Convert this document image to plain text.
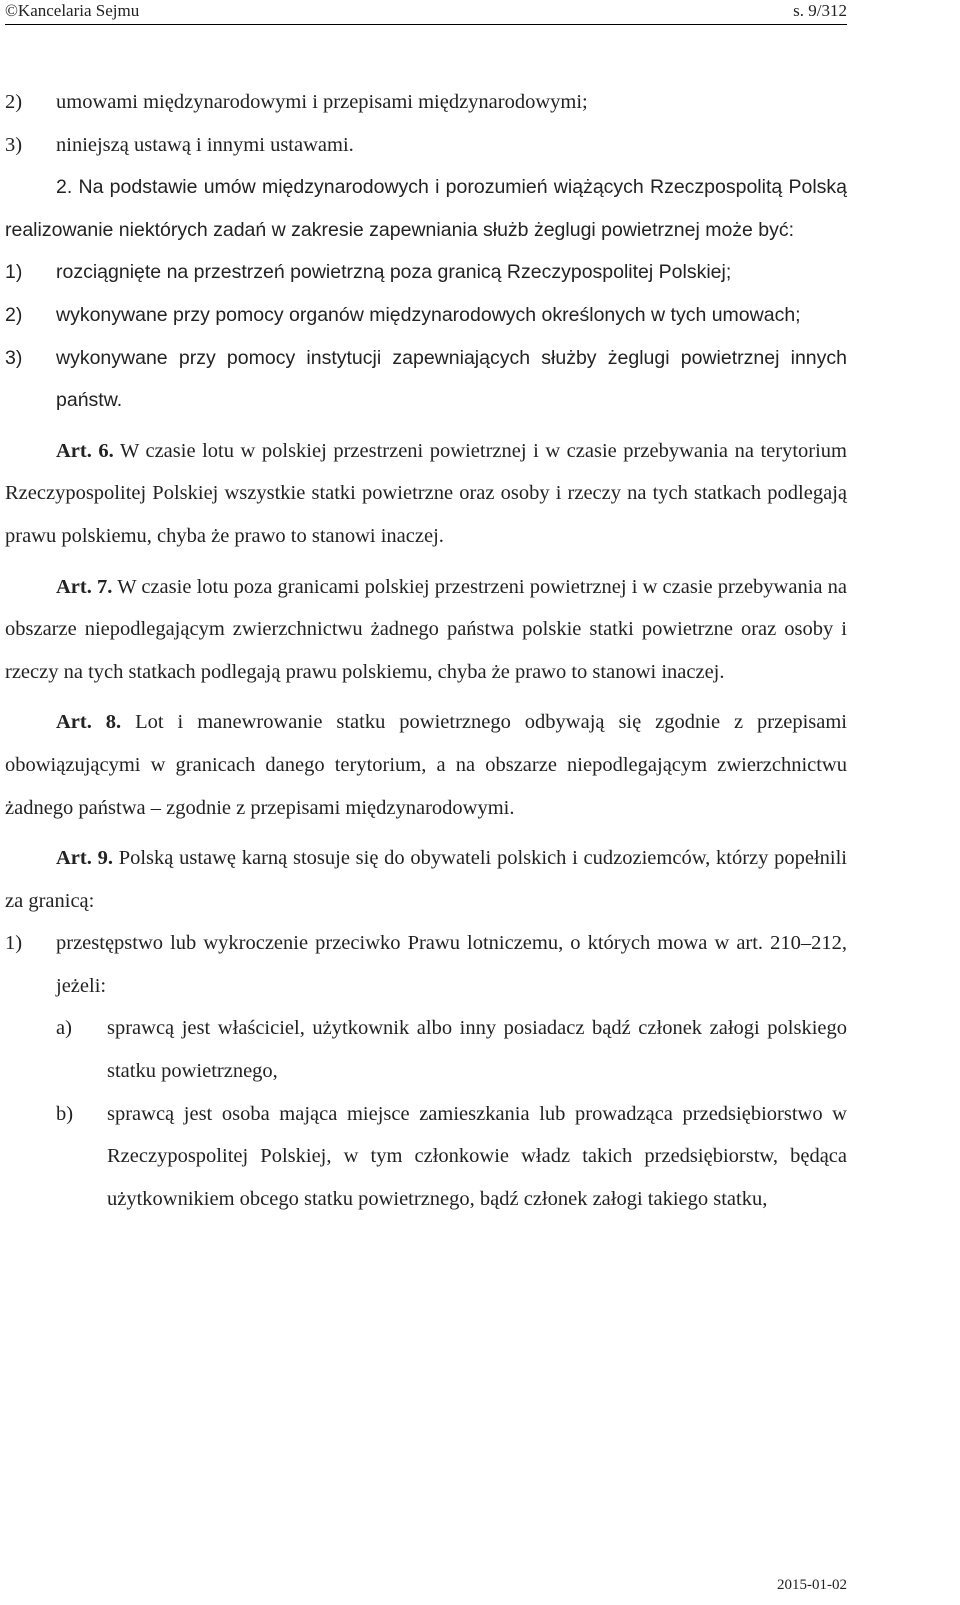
©Kancelaria Sejmu	s. 9/312
2)	umowami międzynarodowymi i przepisami międzynarodowymi;
3)	niniejszą ustawą i innymi ustawami.
2. Na podstawie umów międzynarodowych i porozumień wiążących Rzeczpospolitą Polską realizowanie niektórych zadań w zakresie zapewniania służb żeglugi powietrznej może być:
1)	rozciągnięte na przestrzeń powietrzną poza granicą Rzeczypospolitej Polskiej;
2)	wykonywane przy pomocy organów międzynarodowych określonych w tych umowach;
3)	wykonywane przy pomocy instytucji zapewniających służby żeglugi powietrznej innych państw.
Art. 6. W czasie lotu w polskiej przestrzeni powietrznej i w czasie przebywania na terytorium Rzeczypospolitej Polskiej wszystkie statki powietrzne oraz osoby i rzeczy na tych statkach podlegają prawu polskiemu, chyba że prawo to stanowi inaczej.
Art. 7. W czasie lotu poza granicami polskiej przestrzeni powietrznej i w czasie przebywania na obszarze niepodlegającym zwierzchnictwu żadnego państwa polskie statki powietrzne oraz osoby i rzeczy na tych statkach podlegają prawu polskiemu, chyba że prawo to stanowi inaczej.
Art. 8. Lot i manewrowanie statku powietrznego odbywają się zgodnie z przepisami obowiązującymi w granicach danego terytorium, a na obszarze niepodlegającym zwierzchnictwu żadnego państwa – zgodnie z przepisami międzynarodowymi.
Art. 9. Polską ustawę karną stosuje się do obywateli polskich i cudzoziemców, którzy popełnili za granicą:
1)	przestępstwo lub wykroczenie przeciwko Prawu lotniczemu, o których mowa w art. 210–212, jeżeli:
a)	sprawcą jest właściciel, użytkownik albo inny posiadacz bądź członek załogi polskiego statku powietrznego,
b)	sprawcą jest osoba mająca miejsce zamieszkania lub prowadząca przedsiębiorstwo w Rzeczypospolitej Polskiej, w tym członkowie władz takich przedsiębiorstw, będąca użytkownikiem obcego statku powietrznego, bądź członek załogi takiego statku,
2015-01-02
